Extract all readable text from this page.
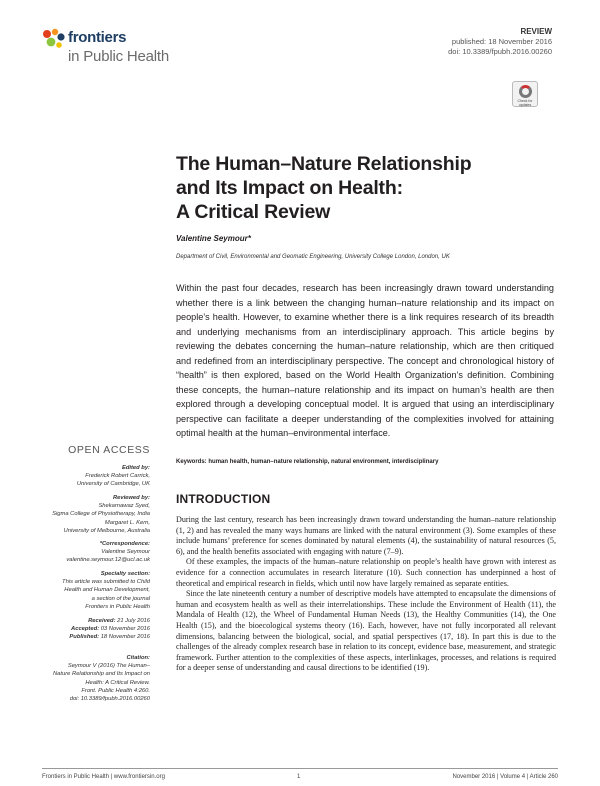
frontiers
in Public Health
REVIEW
published: 18 November 2016
doi: 10.3389/fpubh.2016.00260
Check for updates
The Human–Nature Relationship
and Its Impact on Health:
A Critical Review
Valentine Seymour*
Department of Civil, Environmental and Geomatic Engineering, University College London, London, UK
Within the past four decades, research has been increasingly drawn toward understanding whether there is a link between the changing human–nature relationship and its impact on people’s health. However, to examine whether there is a link requires research of its breadth and underlying mechanisms from an interdisciplinary approach. This article begins by reviewing the debates concerning the human–nature relationship, which are then critiqued and redefined from an interdisciplinary perspective. The concept and chronological history of “health” is then explored, based on the World Health Organization’s definition. Combining these concepts, the human–nature relationship and its impact on human’s health are then explored through a developing conceptual model. It is argued that using an interdisciplinary perspective can facilitate a deeper understanding of the complexities involved for attaining optimal health at the human–environmental interface.
Keywords: human health, human–nature relationship, natural environment, interdisciplinary
OPEN ACCESS
Edited by:
Frederick Robert Carrick,
University of Cambridge, UK
Reviewed by:
Shekarnawaz Syed,
Sigma College of Physiotherapy, India
Margaret L. Kern,
University of Melbourne, Australia
*Correspondence:
Valentine Seymour
valentine.seymour.12@ucl.ac.uk
Specialty section:
This article was submitted to Child
Health and Human Development,
a section of the journal
Frontiers in Public Health
Received: 21 July 2016
Accepted: 03 November 2016
Published: 18 November 2016
Citation:
Seymour V (2016) The Human–
Nature Relationship and Its Impact on
Health: A Critical Review.
Front. Public Health 4:260.
doi: 10.3389/fpubh.2016.00260
INTRODUCTION

During the last century, research has been increasingly drawn toward understanding the human–nature relationship (1, 2) and has revealed the many ways humans are linked with the natural environment (3). Some examples of these include humans’ preference for scenes dominated by natural elements (4), the sustainability of natural resources (5, 6), and the health benefits associated with engaging with nature (7–9).

Of these examples, the impacts of the human–nature relationship on people’s health have grown with interest as evidence for a connection accumulates in research literature (10). Such connection has underpinned a host of theoretical and empirical research in fields, which until now have largely remained as separate entities.

Since the late nineteenth century a number of descriptive models have attempted to encapsulate the dimensions of human and ecosystem health as well as their interrelationships. These include the Environment of Health (11), the Mandala of Health (12), the Wheel of Fundamental Human Needs (13), the Healthy Communities (14), the One Health (15), and the bioecological systems theory (16). Each, however, have not fully incorporated all relevant dimensions, balancing between the biological, social, and spatial perspectives (17, 18). In part this is due to the challenges of the already complex research base in relation to its concept, evidence base, measurement, and strategic framework. Further attention to the complexities of these aspects, interlinkages, processes, and relations is required for a deeper sense of understanding and causal directions to be identified (19).

Frontiers in Public Health | www.frontiersin.org	1	November 2016 | Volume 4 | Article 260
